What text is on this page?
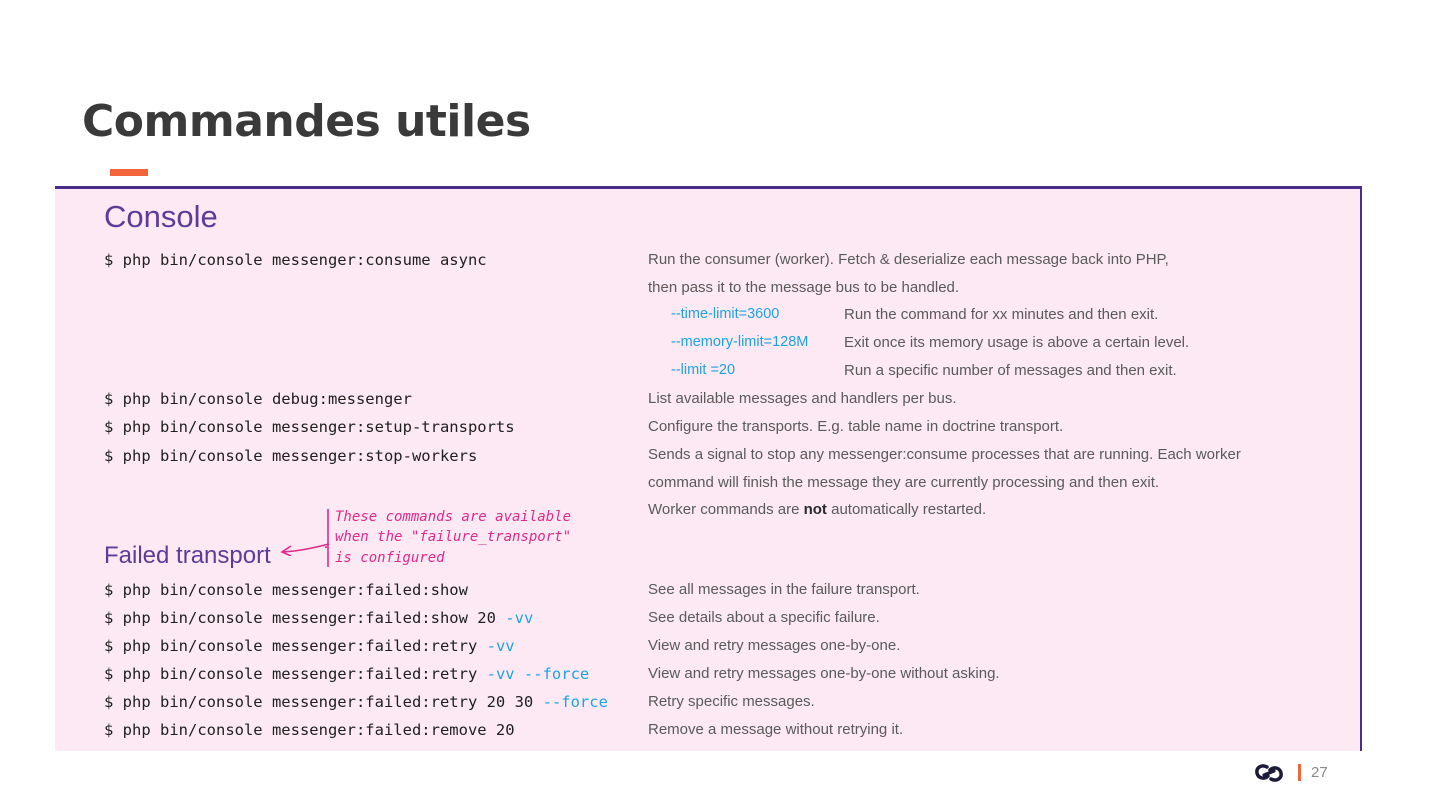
Commandes utiles
Console
$ php bin/console messenger:consume async	Run the consumer (worker). Fetch & deserialize each message back into PHP,
then pass it to the message bus to be handled.
--time-limit=3600	Run the command for xx minutes and then exit.
--memory-limit=128M Exit once its memory usage is above a certain level.
--limit =20	Run a specific number of messages and then exit.
$ php bin/console debug:messenger	List available messages and handlers per bus.
$ php bin/console messenger:setup-transports	Configure the transports. E.g. table name in doctrine transport.
$ php bin/console messenger:stop-workers	Sends a signal to stop any messenger:consume processes that are running. Each worker
command will finish the message they are currently processing and then exit.
Worker commands are not automatically restarted.
Failed transport
These commands are available
when the "failure_transport"
is configured
$ php bin/console messenger:failed:show	See all messages in the failure transport.
$ php bin/console messenger:failed:show 20 -vv	See details about a specific failure.
$ php bin/console messenger:failed:retry -vv	View and retry messages one-by-one.
$ php bin/console messenger:failed:retry -vv --force	View and retry messages one-by-one without asking.
$ php bin/console messenger:failed:retry 20 30 --force	Retry specific messages.
$ php bin/console messenger:failed:remove 20	Remove a message without retrying it.
27
